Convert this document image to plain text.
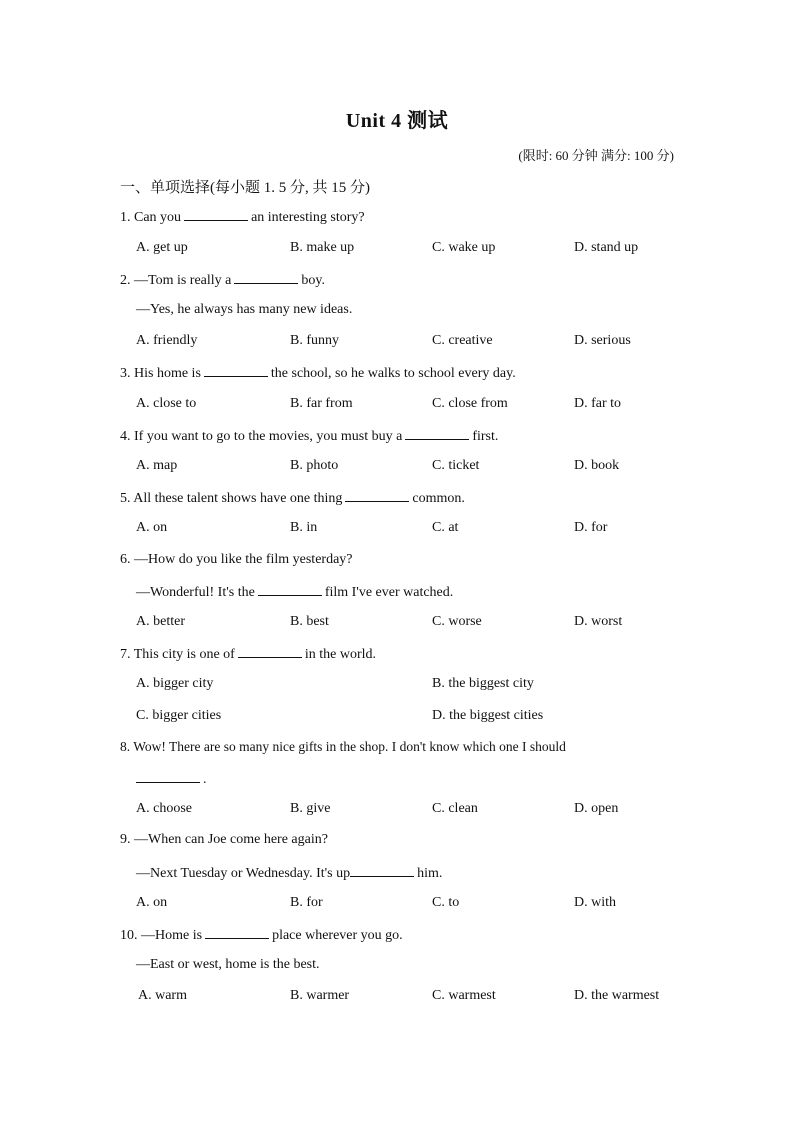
Unit 4 测试
(限时: 60 分钟 满分: 100 分)
一、单项选择(每小题 1. 5 分, 共 15 分)
1. Can you	an interesting story?
A. get up	B. make up	C. wake up	D. stand up
2. —Tom is really a	boy.
—Yes, he always has many new ideas.
A. friendly	B. funny	C. creative	D. serious
3. His home is	the school, so he walks to school every day.
A. close to	B. far from	C. close from	D. far to
4. If you want to go to the movies, you must buy a	first.
A. map	B. photo	C. ticket	D. book
5. All these talent shows have one thing	common.
A. on	B. in	C. at	D. for
6. —How do you like the film yesterday?
—Wonderful! It's the	film I've ever watched.
A. better	B. best	C. worse	D. worst
7. This city is one of	in the world.
A. bigger city	B. the biggest city
C. bigger cities	D. the biggest cities
8. Wow! There are so many nice gifts in the shop. I don't know which one I should
.
A. choose	B. give	C. clean	D. open
9. —When can Joe come here again?
—Next Tuesday or Wednesday. It's up	him.
A. on	B. for	C. to	D. with
10. —Home is	place wherever you go.
—East or west, home is the best.
A. warm	B. warmer	C. warmest	D. the warmest
